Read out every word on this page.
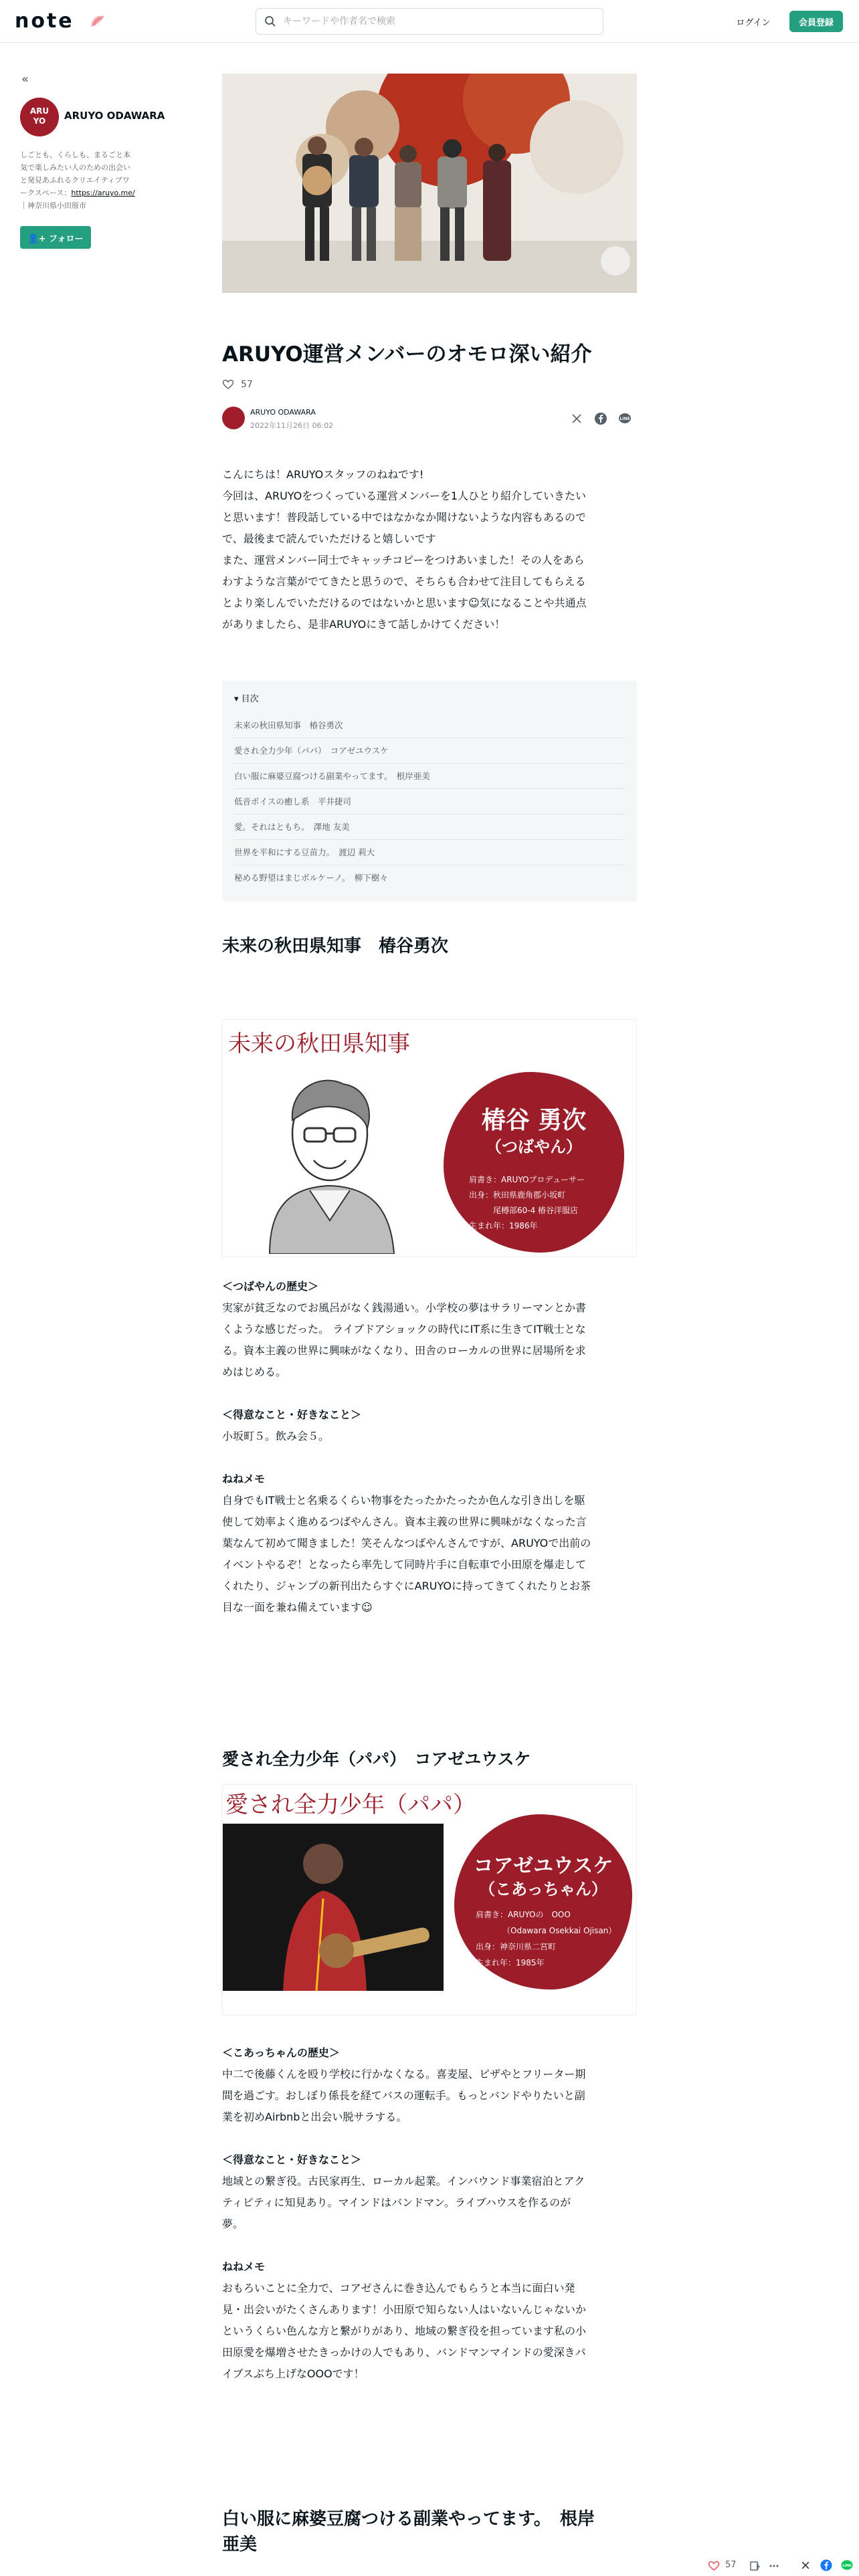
note
キーワードや作者名で検索	ログイン	会員登録
«
ARU
YO ARUYO ODAWARA
しごとも、くらしも、まるごと本
気で楽しみたい人のための出会い
と発見あふれるクリエイティブワ
ークスペース：https://aruyo.me/
｜神奈川県小田原市
👤+ フォロー
ARUYO運営メンバーのオモロ深い紹介
57
ARUYO ODAWARA
2022年11月26日 06:02
LINE

こんにちは！ARUYOスタッフのねねです!

今回は、ARUYOをつくっている運営メンバーを1人ひとり紹介していきたい

と思います！普段話している中ではなかなか聞けないような内容もあるので

で、最後まで読んでいただけると嬉しいです

また、運営メンバー同士でキャッチコピーをつけあいました！その人をあら

わすような言葉がでてきたと思うので、そちらも合わせて注目してもらえる

とより楽しんでいただけるのではないかと思います☺気になることや共通点

がありましたら、是非ARUYOにきて話しかけてください！

▾ 目次
未来の秋田県知事　椿谷勇次
愛され全力少年（パパ）　コアゼユウスケ
白い服に麻婆豆腐つける副業やってます。　根岸亜美
低音ボイスの癒し系　平井捷司
愛。それはともち。　澤地 友美
世界を平和にする豆苗力。　渡辺 莉大
秘める野望はまじボルケーノ。　柳下樹々
未来の秋田県知事　椿谷勇次
未来の秋田県知事
椿谷 勇次
（つばやん）
肩書き：ARUYOプロデューサー
出身：秋田県鹿角郡小坂町
　　　尾樽部60-4 椿谷洋服店
生まれ年：1986年

＜つばやんの歴史＞

実家が貧乏なのでお風呂がなく銭湯通い。小学校の夢はサラリーマンとか書

くような感じだった。 ライブドアショックの時代にIT系に生きてIT戦士とな

る。資本主義の世界に興味がなくなり、田舎のローカルの世界に居場所を求

めはじめる。

＜得意なこと・好きなこと＞

小坂町５。飲み会５。

ねねメモ

自身でもIT戦士と名乗るくらい物事をたったかたったか色んな引き出しを駆

使して効率よく進めるつばやんさん。資本主義の世界に興味がなくなった言

葉なんて初めて聞きました！笑そんなつばやんさんですが、ARUYOで出前の

イベントやるぞ！となったら率先して同時片手に自転車で小田原を爆走して

くれたり、ジャンプの新刊出たらすぐにARUYOに持ってきてくれたりとお茶

目な一面を兼ね備えています☺

愛され全力少年（パパ）　コアゼユウスケ
愛され全力少年（パパ）
コアゼユウスケ
（こあっちゃん）
肩書き：ARUYOの　OOO
（Odawara Osekkai Ojisan）
出身：神奈川県二宮町
生まれ年：1985年

＜こあっちゃんの歴史＞

中二で後藤くんを殴り学校に行かなくなる。喜麦屋、ピザやとフリーター期

間を過ごす。おしぼり係長を経てバスの運転手。もっとバンドやりたいと副

業を初めAirbnbと出会い脱サラする。

＜得意なこと・好きなこと＞

地域との繋ぎ役。古民家再生、ローカル起業。インバウンド事業宿泊とアク

ティビティに知見あり。マインドはバンドマン。ライブハウスを作るのが

夢。

ねねメモ

おもろいことに全力で、コアゼさんに巻き込んでもらうと本当に面白い発

見・出会いがたくさんあります！小田原で知らない人はいないんじゃないか

というくらい色んな方と繋がりがあり、地域の繋ぎ役を担っています私の小

田原愛を爆増させたきっかけの人でもあり、バンドマンマインドの愛深きパ

イブスぶち上げなOOOです！

白い服に麻婆豆腐つける副業やってます。　根岸
亜美
57	LINE
